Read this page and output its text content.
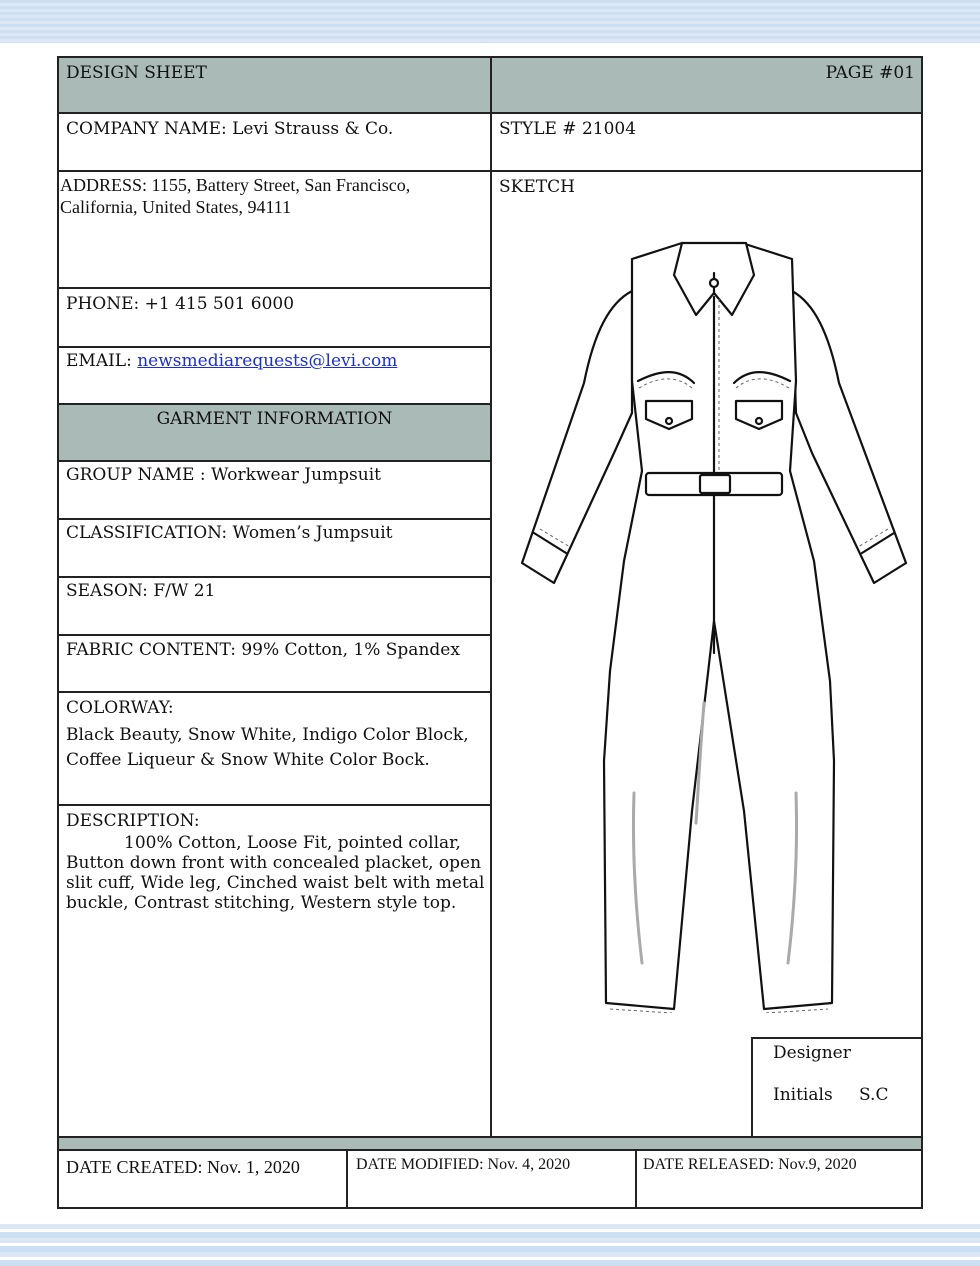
DESIGN SHEET	PAGE #01
COMPANY NAME: Levi Strauss & Co.	STYLE # 21004
ADDRESS: 1155, Battery Street, San Francisco,
California, United States, 94111
SKETCH
PHONE: +1 415 501 6000
EMAIL: newsmediarequests@levi.com
GARMENT INFORMATION
GROUP NAME : Workwear Jumpsuit
CLASSIFICATION: Women’s Jumpsuit
SEASON: F/W 21
FABRIC CONTENT: 99% Cotton, 1% Spandex
COLORWAY:
Black Beauty, Snow White, Indigo Color Block,
Coffee Liqueur & Snow White Color Bock.
DESCRIPTION:
100% Cotton, Loose Fit, pointed collar,
Button down front with concealed placket, open
slit cuff, Wide leg, Cinched waist belt with metal
buckle, Contrast stitching, Western style top.
Designer
Initials S.C
DATE CREATED: Nov. 1, 2020	DATE MODIFIED: Nov. 4, 2020	DATE RELEASED: Nov.9, 2020
